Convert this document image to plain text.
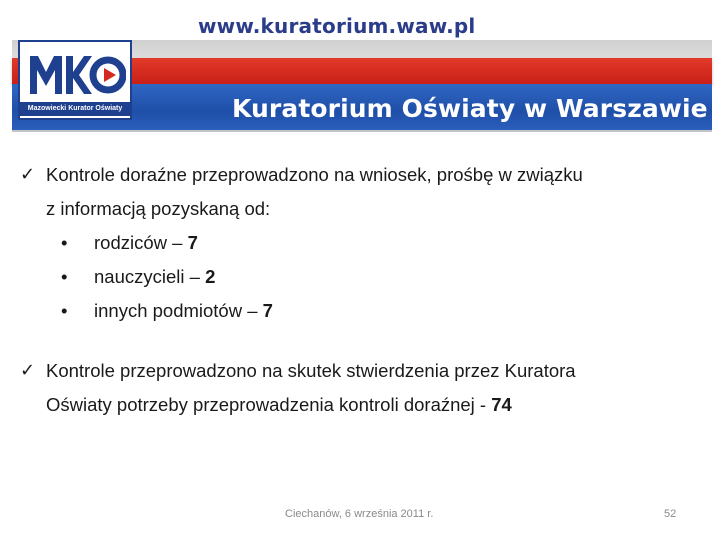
www.kuratorium.waw.pl
Kuratorium Oświaty w Warszawie
Mazowiecki Kurator Oświaty
✓ Kontrole doraźne przeprowadzono na wniosek, prośbę w związku
z informacją pozyskaną od:
• rodziców – 7
• nauczycieli – 2
• innych podmiotów – 7
✓ Kontrole przeprowadzono na skutek stwierdzenia przez Kuratora
Oświaty potrzeby przeprowadzenia kontroli doraźnej - 74
Ciechanów, 6 września 2011 r.	52
